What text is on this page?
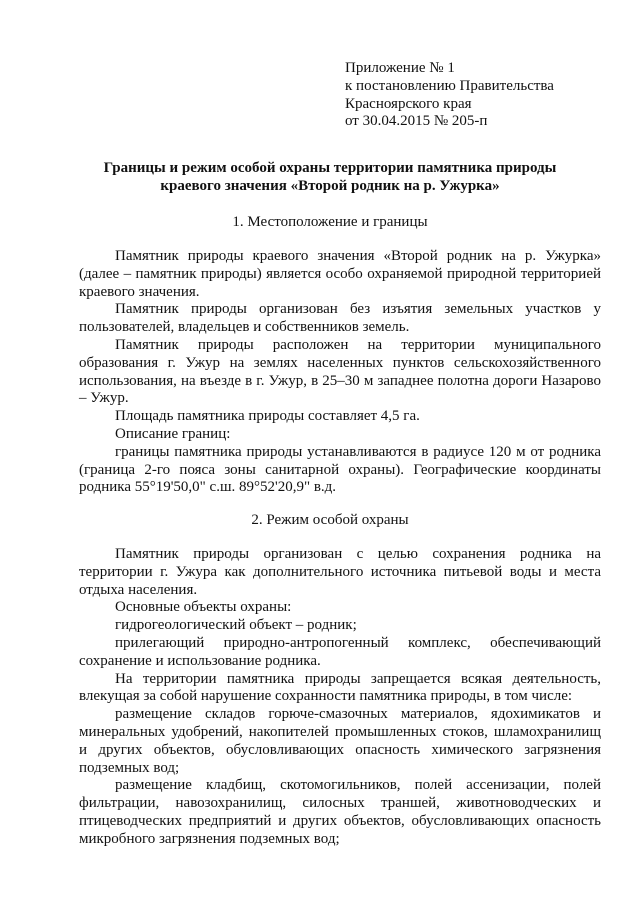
Приложение № 1
к постановлению Правительства
Красноярского края
от 30.04.2015 № 205-п
Границы и режим особой охраны территории памятника природы
краевого значения «Второй родник на р. Ужурка»
1. Местоположение и границы

Памятник природы краевого значения «Второй родник на р. Ужурка» (далее – памятник природы) является особо охраняемой природной территорией краевого значения.

Памятник природы организован без изъятия земельных участков у пользователей, владельцев и собственников земель.

Памятник природы расположен на территории муниципального образования г. Ужур на землях населенных пунктов сельскохозяйственного использования, на въезде в г. Ужур, в 25–30 м западнее полотна дороги Назарово – Ужур.

Площадь памятника природы составляет 4,5 га.

Описание границ:

границы памятника природы устанавливаются в радиусе 120 м от родника (граница 2-го пояса зоны санитарной охраны). Географические координаты родника 55°19'50,0" с.ш. 89°52'20,9" в.д.

2. Режим особой охраны

Памятник природы организован с целью сохранения родника на территории г. Ужура как дополнительного источника питьевой воды и места отдыха населения.

Основные объекты охраны:

гидрогеологический объект – родник;

прилегающий природно-антропогенный комплекс, обеспечивающий сохранение и использование родника.

На территории памятника природы запрещается всякая деятельность, влекущая за собой нарушение сохранности памятника природы, в том числе:

размещение складов горюче-смазочных материалов, ядохимикатов и минеральных удобрений, накопителей промышленных стоков, шламохранилищ и других объектов, обусловливающих опасность химического загрязнения подземных вод;

размещение кладбищ, скотомогильников, полей ассенизации, полей фильтрации, навозохранилищ, силосных траншей, животноводческих и птицеводческих предприятий и других объектов, обусловливающих опасность микробного загрязнения подземных вод;
